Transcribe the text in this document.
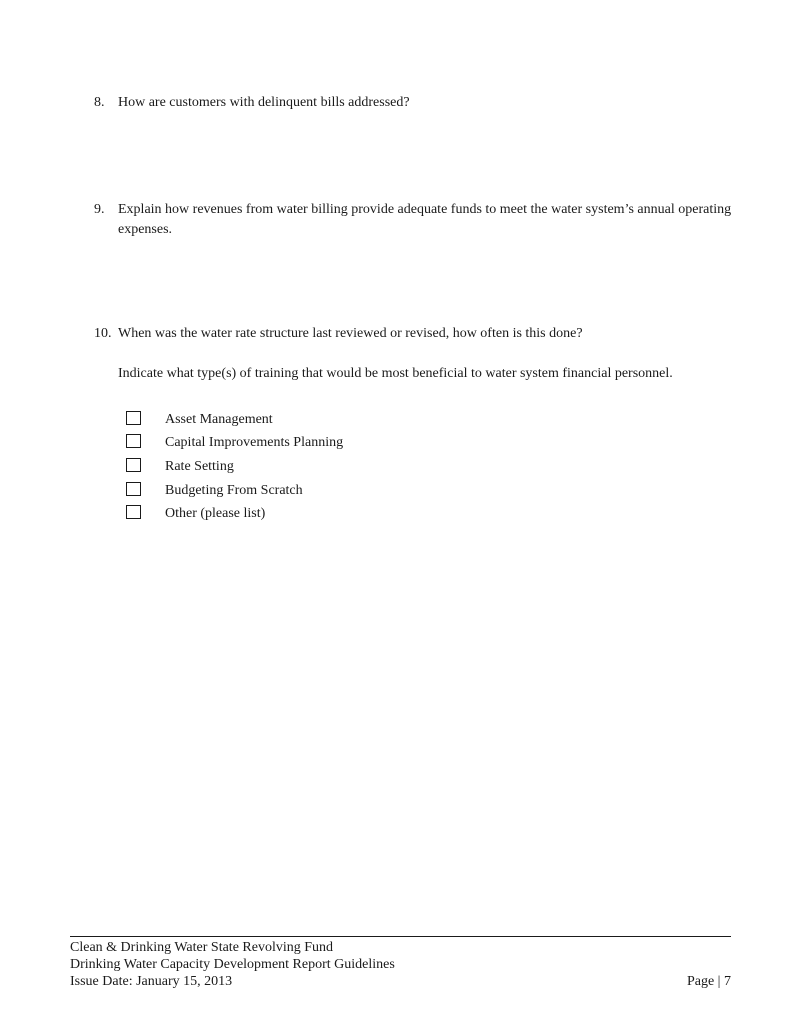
8. How are customers with delinquent bills addressed?
9. Explain how revenues from water billing provide adequate funds to meet the water system’s annual operating expenses.
10. When was the water rate structure last reviewed or revised, how often is this done?
Indicate what type(s) of training that would be most beneficial to water system financial personnel.
Asset Management
Capital Improvements Planning
Rate Setting
Budgeting From Scratch
Other (please list)
Clean & Drinking Water State Revolving Fund
Drinking Water Capacity Development Report Guidelines
Issue Date: January 15, 2013	Page | 7
